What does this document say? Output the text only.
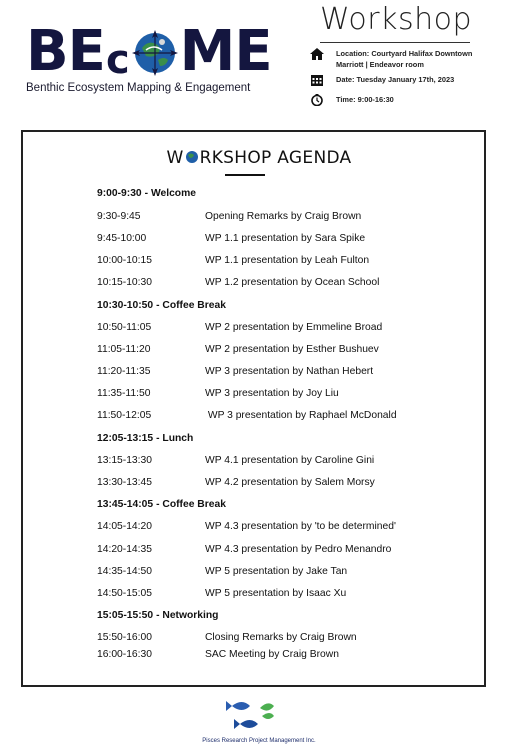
BE c ME
Benthic Ecosystem Mapping & Engagement
Workshop
Location: Courtyard Halifax Downtown
Marriott | Endeavor room
Date: Tuesday January 17th, 2023
Time: 9:00-16:30
W RKSHOP AGENDA
9:00-9:30 - Welcome
9:30-9:45	Opening Remarks by Craig Brown
9:45-10:00	WP 1.1 presentation by Sara Spike
10:00-10:15	WP 1.1 presentation by Leah Fulton
10:15-10:30	WP 1.2 presentation by Ocean School
10:30-10:50 - Coffee Break
10:50-11:05	WP 2 presentation by Emmeline Broad
11:05-11:20	WP 2 presentation by Esther Bushuev
11:20-11:35	WP 3 presentation by Nathan Hebert
11:35-11:50	WP 3 presentation by Joy Liu
11:50-12:05	WP 3 presentation by Raphael McDonald
12:05-13:15 - Lunch
13:15-13:30	WP 4.1 presentation by Caroline Gini
13:30-13:45	WP 4.2 presentation by Salem Morsy
13:45-14:05 - Coffee Break
14:05-14:20	WP 4.3 presentation by 'to be determined'
14:20-14:35	WP 4.3 presentation by Pedro Menandro
14:35-14:50	WP 5 presentation by Jake Tan
14:50-15:05	WP 5 presentation by Isaac Xu
15:05-15:50 - Networking
15:50-16:00	Closing Remarks by Craig Brown
16:00-16:30	SAC Meeting by Craig Brown
Pisces Research Project Management Inc.
